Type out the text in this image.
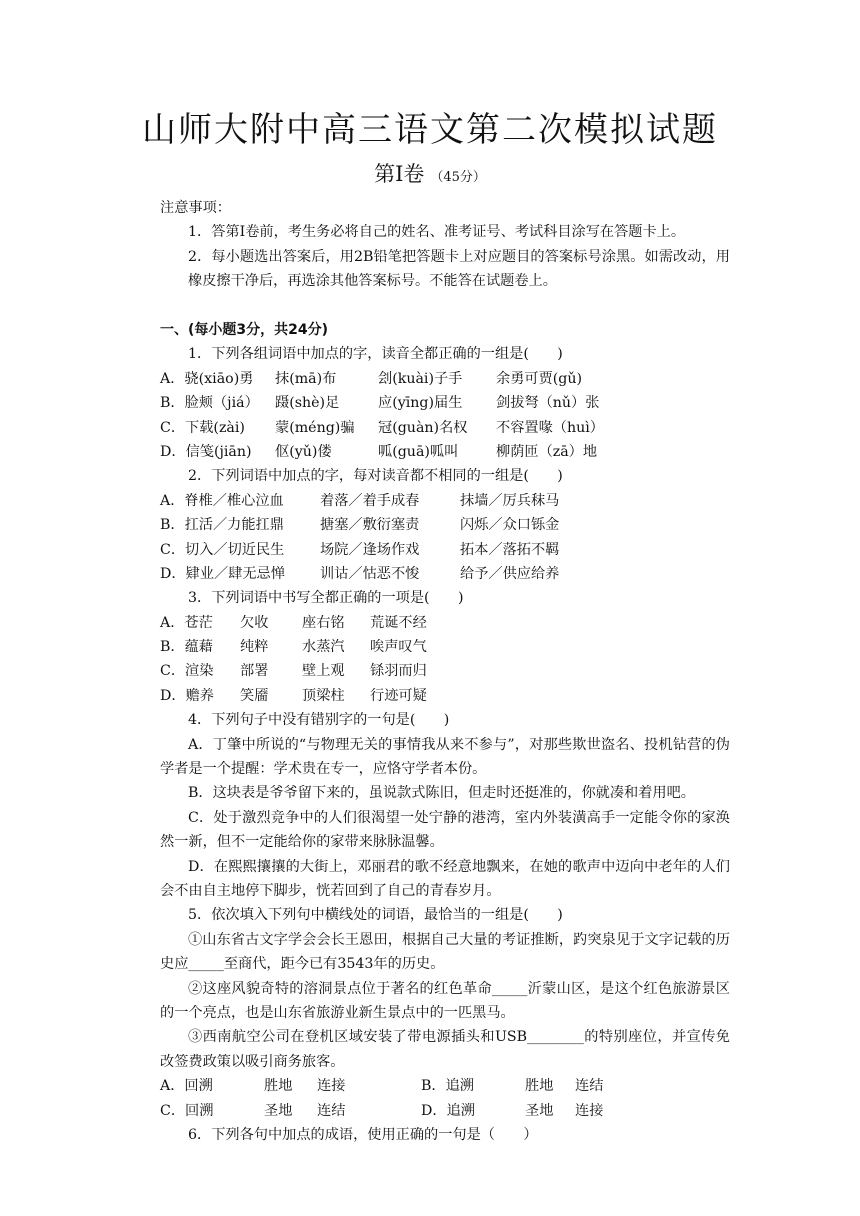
山师大附中高三语文第二次模拟试题
第Ⅰ卷 （45分）
注意事项：
1．答第Ⅰ卷前，考生务必将自己的姓名、准考证号、考试科目涂写在答题卡上。
2．每小题选出答案后，用2B铅笔把答题卡上对应题目的答案标号涂黑。如需改动，用橡皮擦干净后，再选涂其他答案标号。不能答在试题卷上。
一、(每小题3分，共24分)
1．下列各组词语中加点的字，读音全都正确的一组是(　　)
A．骁(xiāo)勇	抹(mā)布	刽(kuài)子手	余勇可贾(gǔ)
B．脸颊（jiá）	蹑(shè)足	应(yīng)届生	剑拔弩（nǔ）张
C．下载(zài)	蒙(méng)骗	冠(guàn)名权	不容置喙（huì）
D．信笺(jiān)	伛(yǔ)偻	呱(guā)呱叫	柳荫匝（zā）地
2．下列词语中加点的字，每对读音都不相同的一组是(　　)
A．脊椎／椎心泣血	着落／着手成春	抹墙／厉兵秣马
B．扛活／力能扛鼎	搪塞／敷衍塞责	闪烁／众口铄金
C．切入／切近民生	场院／逢场作戏	拓本／落拓不羁
D．肄业／肆无忌惮	训诂／怙恶不悛	给予／供应给养
3．下列词语中书写全都正确的一项是(　　)
A．苍茫	欠收	座右铭	荒诞不经
B．蕴藉	纯粹	水蒸汽	唉声叹气
C．渲染	部署	壁上观	铩羽而归
D．赡养	笑靥	顶梁柱	行迹可疑
4．下列句子中没有错别字的一句是(　　)
A．丁肇中所说的“与物理无关的事情我从来不参与”，对那些欺世盗名、投机钻营的伪学者是一个提醒：学术贵在专一，应恪守学者本份。
B．这块表是爷爷留下来的，虽说款式陈旧，但走时还挺准的，你就凑和着用吧。
C．处于激烈竞争中的人们很渴望一处宁静的港湾，室内外装潢高手一定能令你的家涣然一新，但不一定能给你的家带来脉脉温馨。
D．在熙熙攘攘的大街上，邓丽君的歌不经意地飘来，在她的歌声中迈向中老年的人们会不由自主地停下脚步，恍若回到了自己的青春岁月。
5．依次填入下列句中横线处的词语，最恰当的一组是(　　)
①山东省古文字学会会长王恩田，根据自己大量的考证推断，趵突泉见于文字记载的历史应_____至商代，距今已有3543年的历史。
②这座风貌奇特的溶洞景点位于著名的红色革命_____沂蒙山区，是这个红色旅游景区的一个亮点，也是山东省旅游业新生景点中的一匹黑马。
③西南航空公司在登机区域安装了带电源插头和USB________的特别座位，并宣传免改签费政策以吸引商务旅客。
A．回溯	胜地	连接	B．追溯	胜地	连结
C．回溯	圣地	连结	D．追溯	圣地	连接
6．下列各句中加点的成语，使用正确的一句是（　　）
